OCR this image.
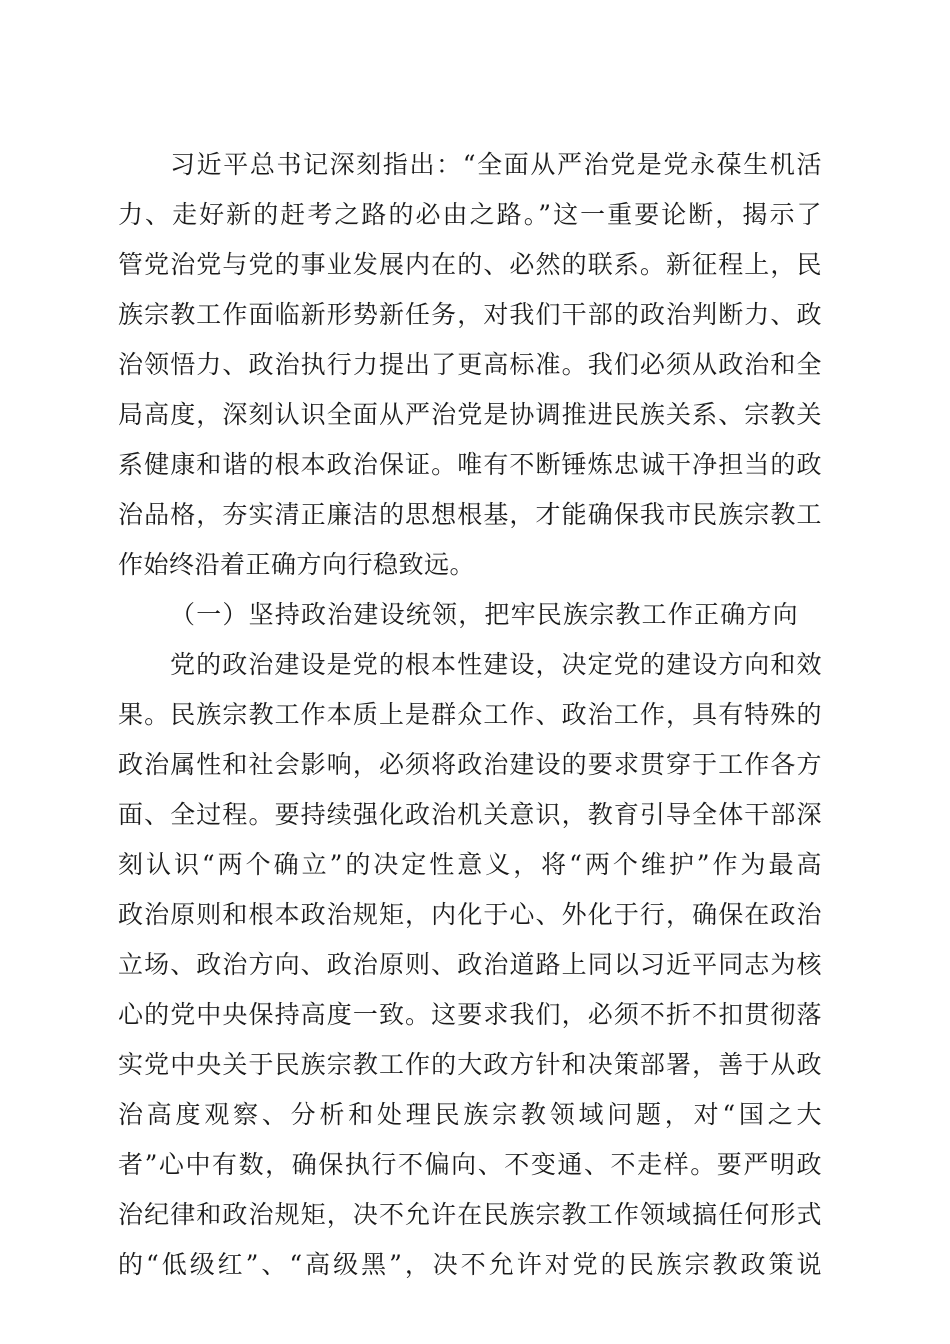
习近平总书记深刻指出：“全面从严治党是党永葆生机活

力、走好新的赶考之路的必由之路。”这一重要论断，揭示了

管党治党与党的事业发展内在的、必然的联系。新征程上，民

族宗教工作面临新形势新任务，对我们干部的政治判断力、政

治领悟力、政治执行力提出了更高标准。我们必须从政治和全

局高度，深刻认识全面从严治党是协调推进民族关系、宗教关

系健康和谐的根本政治保证。唯有不断锤炼忠诚干净担当的政

治品格，夯实清正廉洁的思想根基，才能确保我市民族宗教工

作始终沿着正确方向行稳致远。

（一）坚持政治建设统领，把牢民族宗教工作正确方向

党的政治建设是党的根本性建设，决定党的建设方向和效

果。民族宗教工作本质上是群众工作、政治工作，具有特殊的

政治属性和社会影响，必须将政治建设的要求贯穿于工作各方

面、全过程。要持续强化政治机关意识，教育引导全体干部深

刻认识“两个确立”的决定性意义，将“两个维护”作为最高

政治原则和根本政治规矩，内化于心、外化于行，确保在政治

立场、政治方向、政治原则、政治道路上同以习近平同志为核

心的党中央保持高度一致。这要求我们，必须不折不扣贯彻落

实党中央关于民族宗教工作的大政方针和决策部署，善于从政

治高度观察、分析和处理民族宗教领域问题，对“国之大

者”心中有数，确保执行不偏向、不变通、不走样。要严明政

治纪律和政治规矩，决不允许在民族宗教工作领域搞任何形式

的“低级红”、“高级黑”，决不允许对党的民族宗教政策说
